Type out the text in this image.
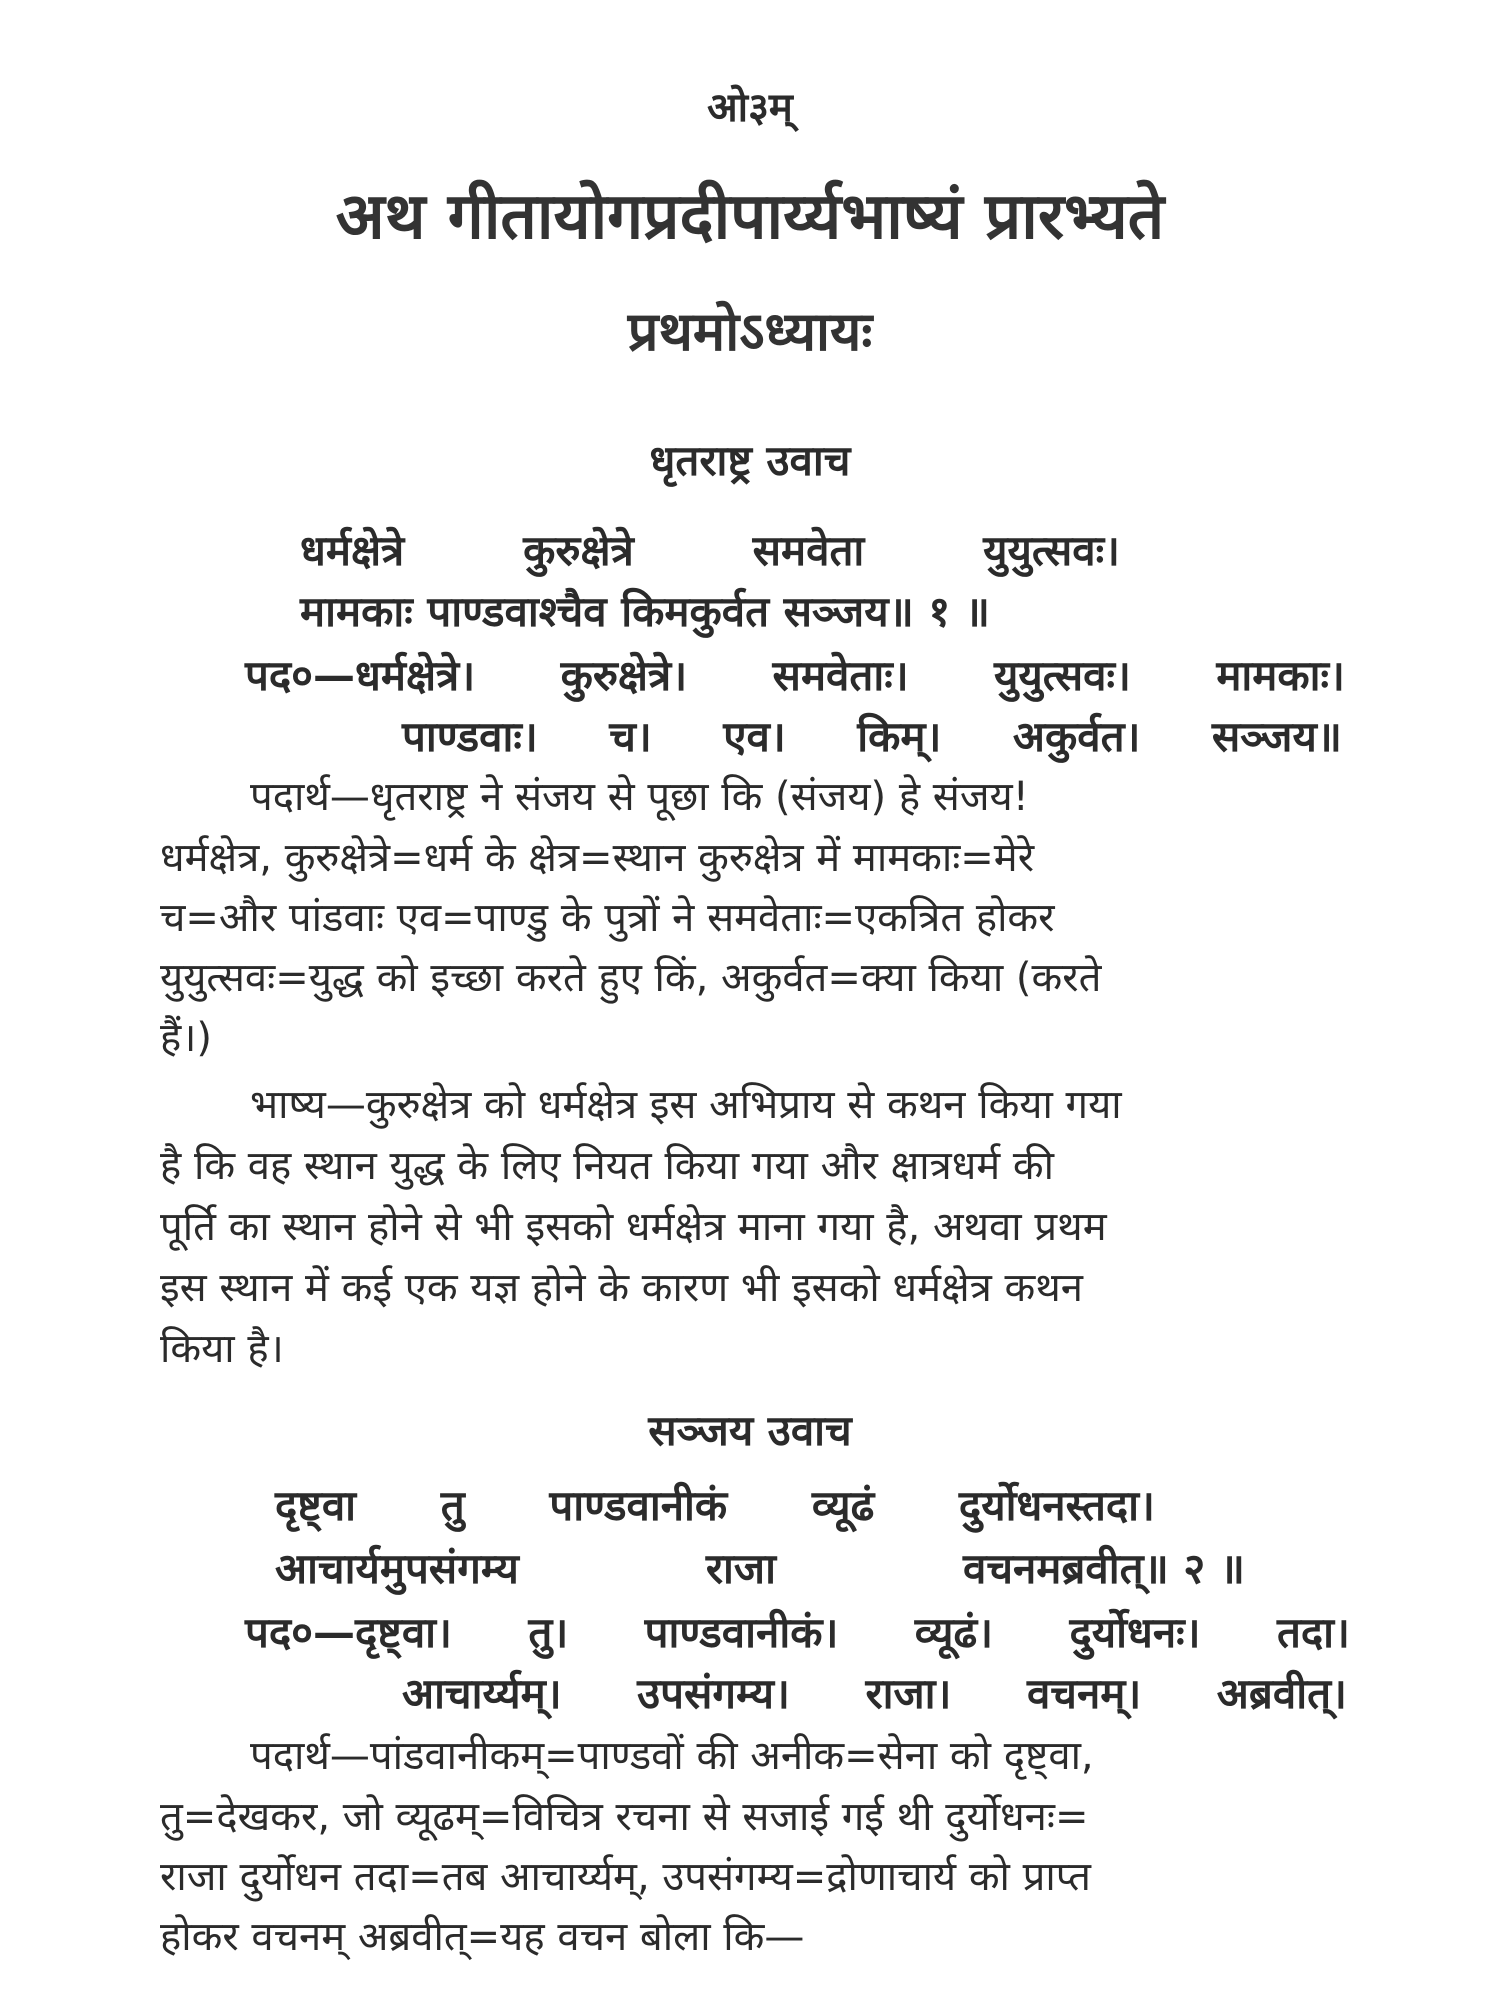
ओ३म्
अथ गीतायोगप्रदीपार्य्यभाष्यं प्रारभ्यते
प्रथमोऽध्यायः
धृतराष्ट्र उवाच
धर्मक्षेत्रे	कुरुक्षेत्रे	समवेता	युयुत्सवः।
मामकाः पाण्डवाश्चैव किमकुर्वत सञ्जय॥ १ ॥
पद०—धर्मक्षेत्रे। कुरुक्षेत्रे। समवेताः। युयुत्सवः। मामकाः।
पाण्डवाः। च। एव। किम्। अकुर्वत। सञ्जय॥
पदार्थ—धृतराष्ट्र ने संजय से पूछा कि (संजय) हे संजय!
धर्मक्षेत्र, कुरुक्षेत्रे=धर्म के क्षेत्र=स्थान कुरुक्षेत्र में मामकाः=मेरे
च=और पांडवाः एव=पाण्डु के पुत्रों ने समवेताः=एकत्रित होकर
युयुत्सवः=युद्ध को इच्छा करते हुए किं, अकुर्वत=क्या किया (करते
हैं।)
भाष्य—कुरुक्षेत्र को धर्मक्षेत्र इस अभिप्राय से कथन किया गया
है कि वह स्थान युद्ध के लिए नियत किया गया और क्षात्रधर्म की
पूर्ति का स्थान होने से भी इसको धर्मक्षेत्र माना गया है, अथवा प्रथम
इस स्थान में कई एक यज्ञ होने के कारण भी इसको धर्मक्षेत्र कथन
किया है।
सञ्जय उवाच
दृष्ट्वा तु पाण्डवानीकं व्यूढं दुर्योधनस्तदा।
आचार्यमुपसंगम्य	राजा	वचनमब्रवीत्॥ २ ॥
पद०—दृष्ट्वा। तु। पाण्डवानीकं। व्यूढं। दुर्योधनः। तदा।
आचार्य्यम्। उपसंगम्य। राजा। वचनम्। अब्रवीत्।
पदार्थ—पांडवानीकम्=पाण्डवों की अनीक=सेना को दृष्ट्वा,
तु=देखकर, जो व्यूढम्=विचित्र रचना से सजाई गई थी दुर्योधनः=
राजा दुर्योधन तदा=तब आचार्य्यम्, उपसंगम्य=द्रोणाचार्य को प्राप्त
होकर वचनम् अब्रवीत्=यह वचन बोला कि—
